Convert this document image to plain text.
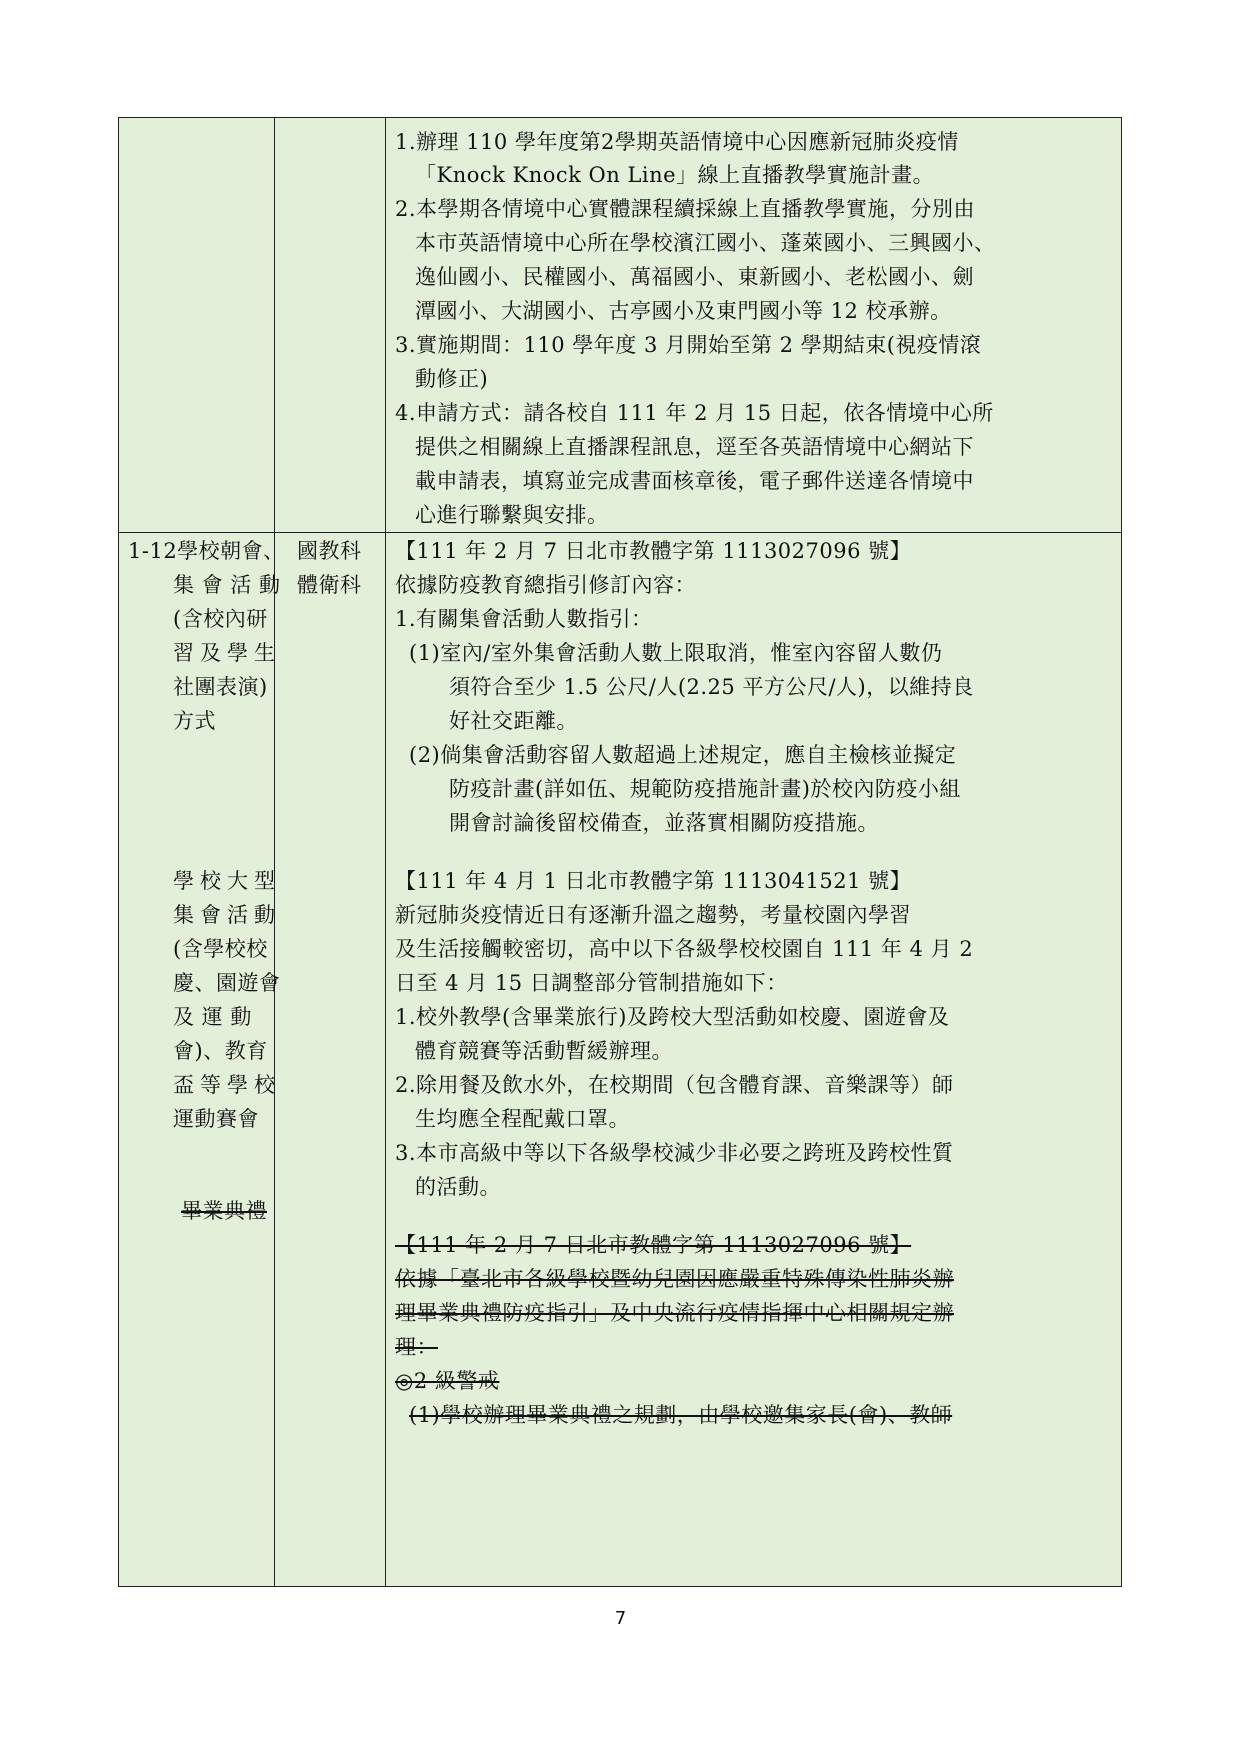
1.辦理 110 學年度第2學期英語情境中心因應新冠肺炎疫情
「Knock Knock On Line」線上直播教學實施計畫。
2.本學期各情境中心實體課程續採線上直播教學實施，分別由
本市英語情境中心所在學校濱江國小、蓬萊國小、三興國小、
逸仙國小、民權國小、萬福國小、東新國小、老松國小、劍
潭國小、大湖國小、古亭國小及東門國小等 12 校承辦。
3.實施期間：110 學年度 3 月開始至第 2 學期結束(視疫情滾
動修正)
4.申請方式：請各校自 111 年 2 月 15 日起，依各情境中心所
提供之相關線上直播課程訊息，逕至各英語情境中心網站下
載申請表，填寫並完成書面核章後，電子郵件送達各情境中
心進行聯繫與安排。
1-12學校朝會、
集 會 活 動
(含校內研
習及學生
社團表演)
方式
學校大型
集會活動
(含學校校
慶、園遊會
及 運 動
會)、教育
盃等學校
運動賽會
畢業典禮
國教科
體衛科
【111 年 2 月 7 日北市教體字第 1113027096 號】
依據防疫教育總指引修訂內容：
1.有關集會活動人數指引：
(1)室內/室外集會活動人數上限取消，惟室內容留人數仍
須符合至少 1.5 公尺/人(2.25 平方公尺/人)，以維持良
好社交距離。
(2)倘集會活動容留人數超過上述規定，應自主檢核並擬定
防疫計畫(詳如伍、規範防疫措施計畫)於校內防疫小組
開會討論後留校備查，並落實相關防疫措施。
【111 年 4 月 1 日北市教體字第 1113041521 號】
新冠肺炎疫情近日有逐漸升溫之趨勢，考量校園內學習
及生活接觸較密切，高中以下各級學校校園自 111 年 4 月 2
日至 4 月 15 日調整部分管制措施如下：
1.校外教學(含畢業旅行)及跨校大型活動如校慶、園遊會及
體育競賽等活動暫緩辦理。
2.除用餐及飲水外，在校期間（包含體育課、音樂課等）師
生均應全程配戴口罩。
3.本市高級中等以下各級學校減少非必要之跨班及跨校性質
的活動。
【111 年 2 月 7 日北市教體字第 1113027096 號】
依據「臺北市各級學校暨幼兒園因應嚴重特殊傳染性肺炎辦
理畢業典禮防疫指引」及中央流行疫情指揮中心相關規定辦
理：
◎2 級警戒
(1)學校辦理畢業典禮之規劃，由學校邀集家長(會)、教師
7
